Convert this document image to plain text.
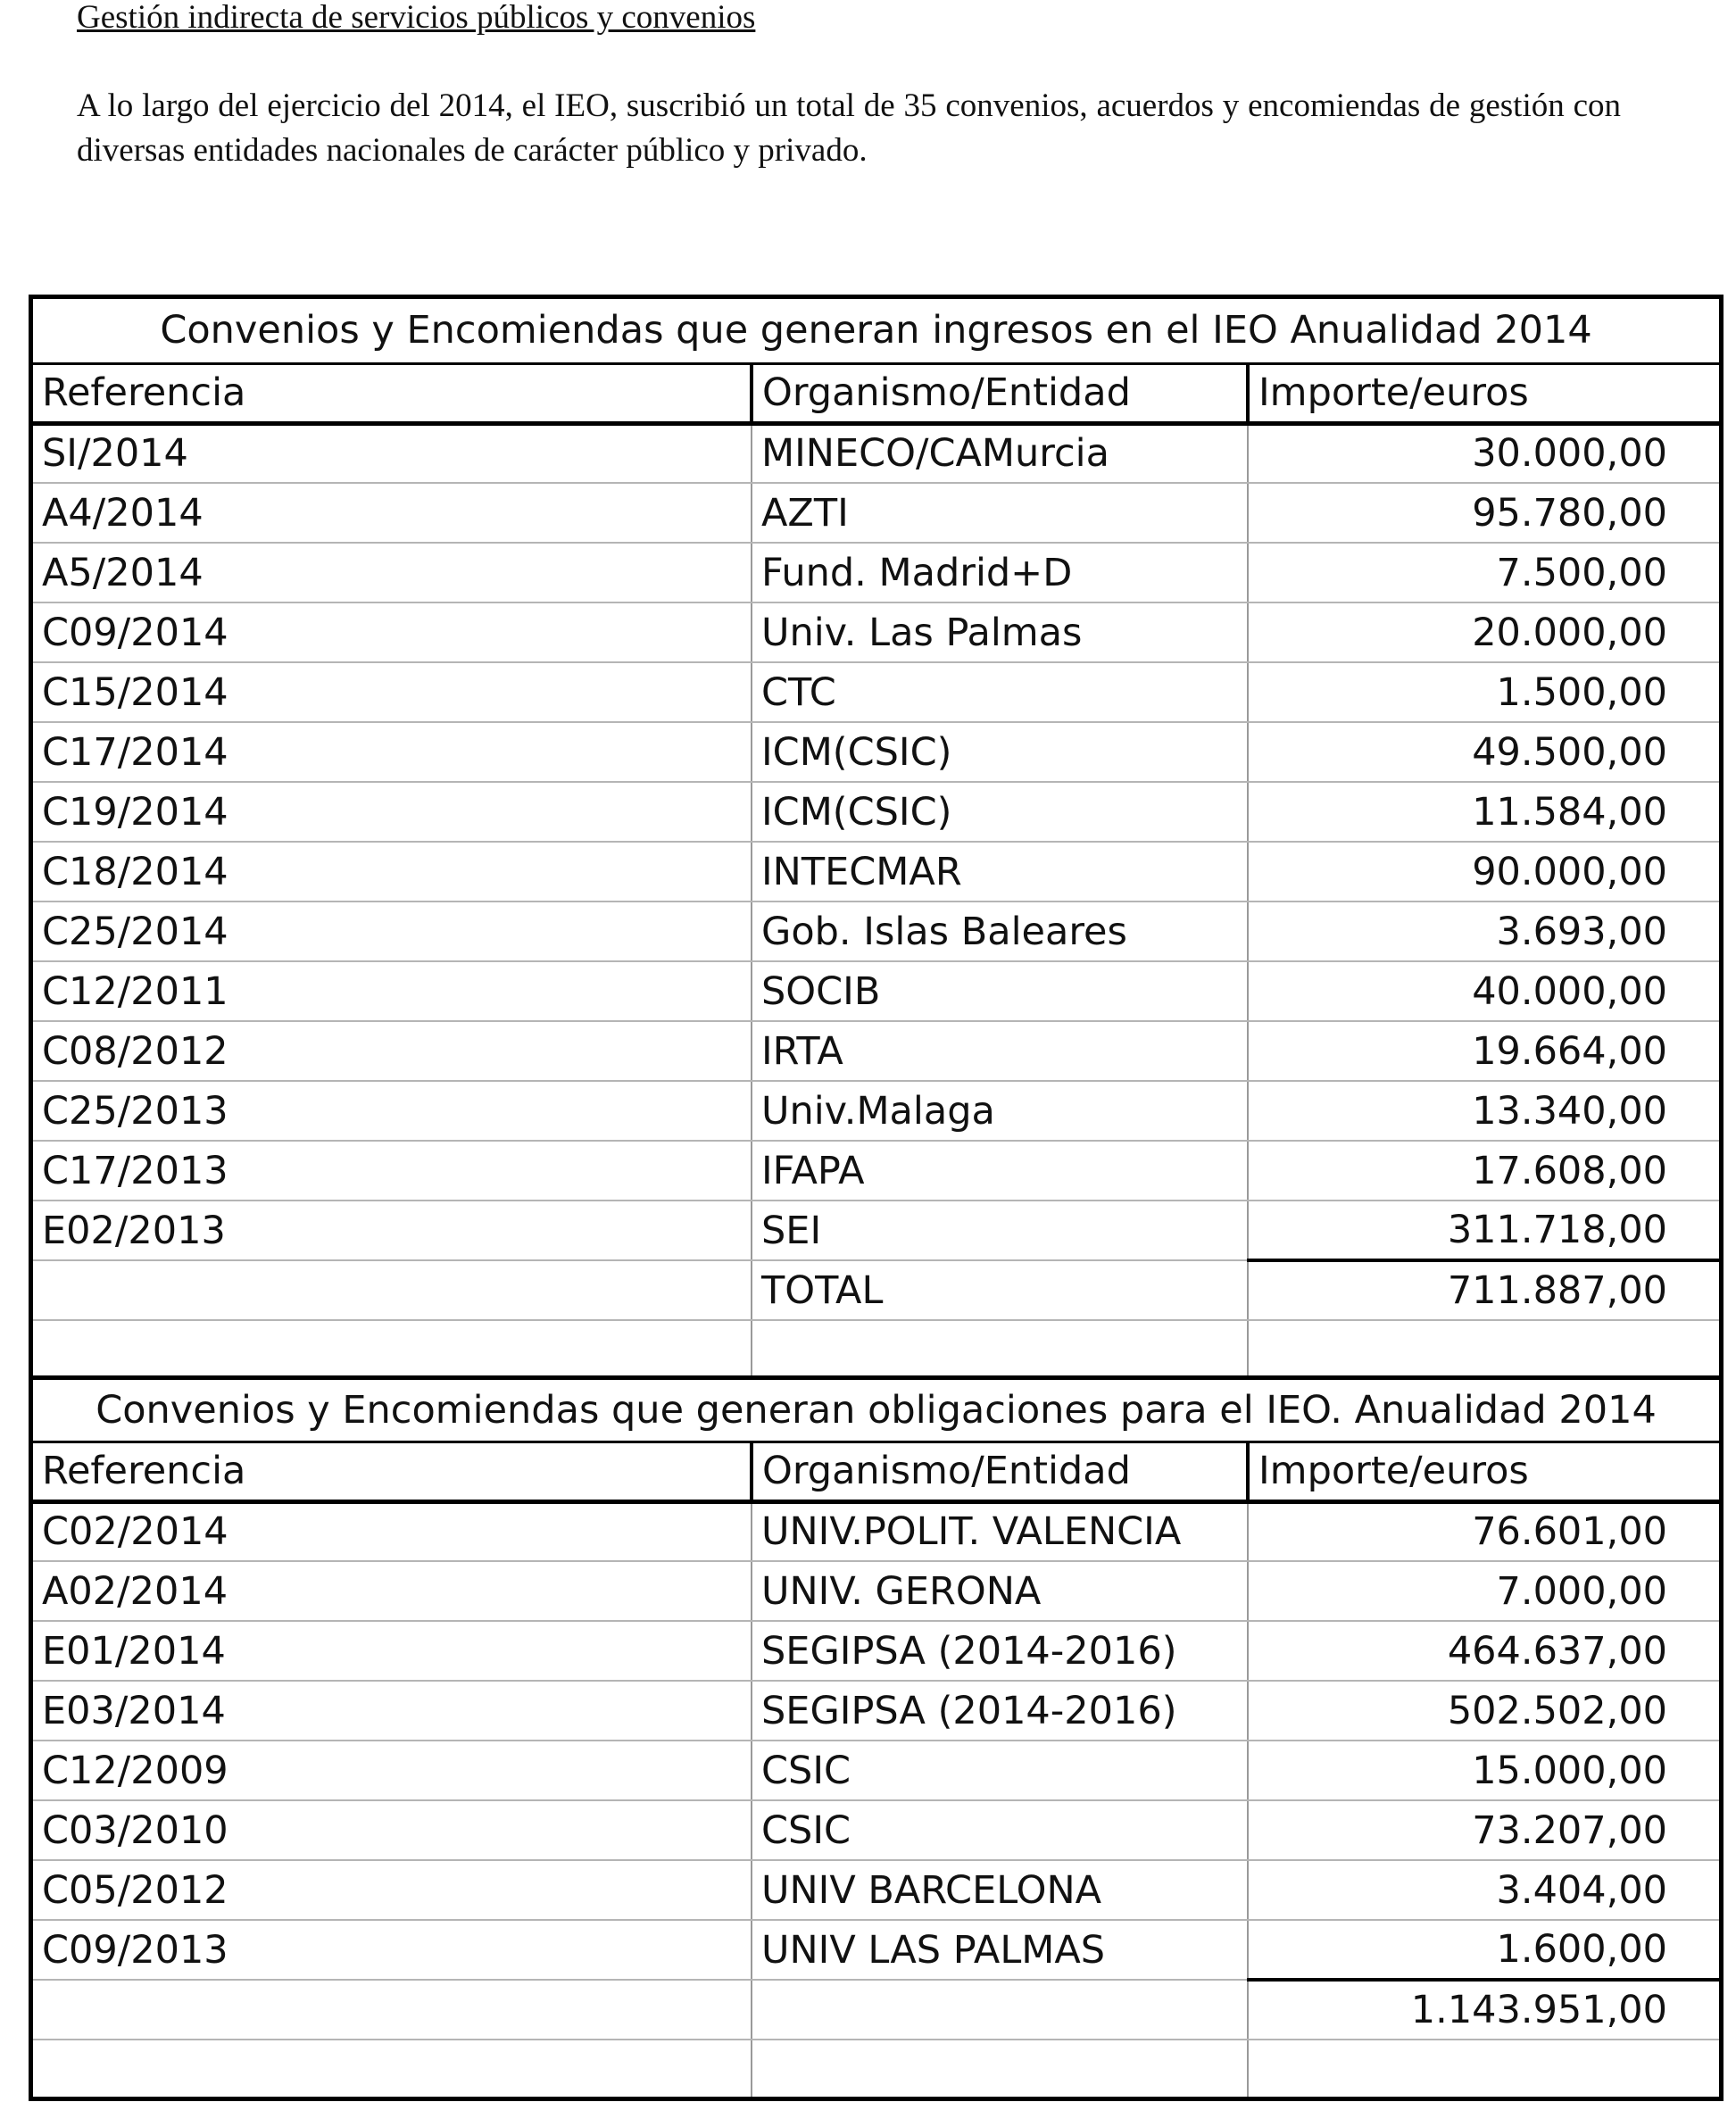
Gestión indirecta de servicios públicos y convenios
A lo largo del ejercicio del 2014, el IEO, suscribió un total de 35 convenios, acuerdos y encomiendas de gestión con diversas entidades nacionales de carácter público y privado.
Convenios y Encomiendas que generan ingresos en el IEO Anualidad 2014		
Referencia	Organismo/Entidad	Importe/euros
SI/2014	MINECO/CAMurcia	30.000,00
A4/2014	AZTI	95.780,00
A5/2014	Fund. Madrid+D	7.500,00
C09/2014	Univ. Las Palmas	20.000,00
C15/2014	CTC	1.500,00
C17/2014	ICM(CSIC)	49.500,00
C19/2014	ICM(CSIC)	11.584,00
C18/2014	INTECMAR	90.000,00
C25/2014	Gob. Islas Baleares	3.693,00
C12/2011	SOCIB	40.000,00
C08/2012	IRTA	19.664,00
C25/2013	Univ.Malaga	13.340,00
C17/2013	IFAPA	17.608,00
E02/2013	SEI	311.718,00
	TOTAL	711.887,00

Convenios y Encomiendas que generan obligaciones para el IEO. Anualidad 2014		
Referencia	Organismo/Entidad	Importe/euros
C02/2014	UNIV.POLIT. VALENCIA	76.601,00
A02/2014	UNIV. GERONA	7.000,00
E01/2014	SEGIPSA (2014-2016)	464.637,00
E03/2014	SEGIPSA (2014-2016)	502.502,00
C12/2009	CSIC	15.000,00
C03/2010	CSIC	73.207,00
C05/2012	UNIV BARCELONA	3.404,00
C09/2013	UNIV LAS PALMAS	1.600,00
		1.143.951,00
